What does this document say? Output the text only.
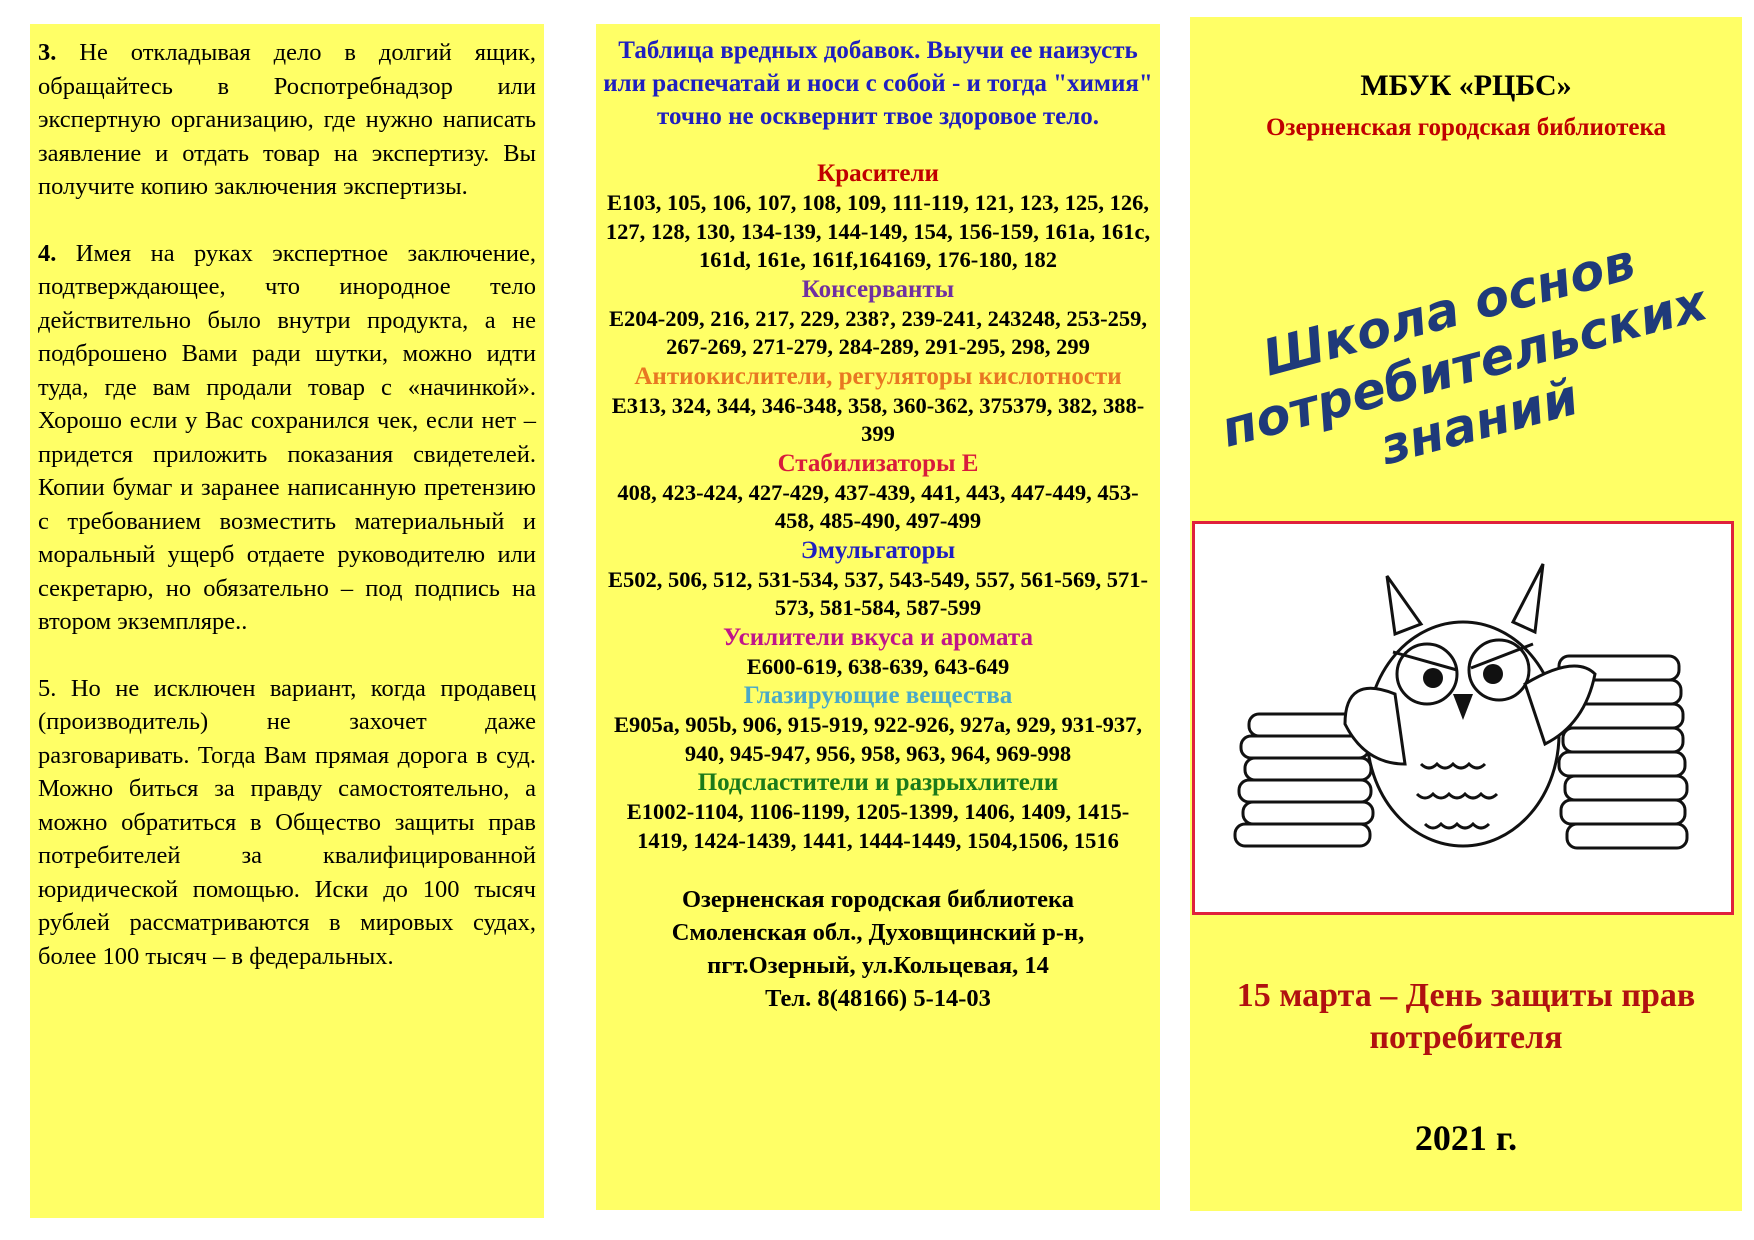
3. Не откладывая дело в долгий ящик, обращайтесь в Роспотребнадзор или экспертную организацию, где нужно написать заявление и отдать товар на экспертизу. Вы получите копию заключения экспертизы.

4. Имея на руках экспертное заключение, подтверждающее, что инородное тело действительно было внутри продукта, а не подброшено Вами ради шутки, можно идти туда, где вам продали товар с «начинкой». Хорошо если у Вас сохранился чек, если нет – придется приложить показания свидетелей. Копии бумаг и заранее написанную претензию с требованием возместить материальный и моральный ущерб отдаете руководителю или секретарю, но обязательно – под подпись на втором экземпляре..

5. Но не исключен вариант, когда продавец (производитель) не захочет даже разговаривать. Тогда Вам прямая дорога в суд. Можно биться за правду самостоятельно, а можно обратиться в Общество защиты прав потребителей за квалифицированной юридической помощью. Иски до 100 тысяч рублей рассматриваются в мировых судах, более 100 тысяч – в федеральных.

Таблица вредных добавок. Выучи ее наизусть или распечатай и носи с собой - и тогда "химия" точно не осквернит твое здоровое тело.
Красители
E103, 105, 106, 107, 108, 109, 111-119, 121, 123, 125, 126, 127, 128, 130, 134-139, 144-149, 154, 156-159, 161a, 161c, 161d, 161e, 161f,164169, 176-180, 182
Консерванты
E204-209, 216, 217, 229, 238?, 239-241, 243248, 253-259, 267-269, 271-279, 284-289, 291-295, 298, 299
Антиокислители, регуляторы кислотности
E313, 324, 344, 346-348, 358, 360-362, 375379, 382, 388-399
Стабилизаторы Е
408, 423-424, 427-429, 437-439, 441, 443, 447-449, 453-458, 485-490, 497-499
Эмульгаторы
E502, 506, 512, 531-534, 537, 543-549, 557, 561-569, 571-573, 581-584, 587-599
Усилители вкуса и аромата
E600-619, 638-639, 643-649
Глазирующие вещества
E905a, 905b, 906, 915-919, 922-926, 927a, 929, 931-937, 940, 945-947, 956, 958, 963, 964, 969-998
Подсластители и разрыхлители
E1002-1104, 1106-1199, 1205-1399, 1406, 1409, 1415-1419, 1424-1439, 1441, 1444-1449, 1504,1506, 1516
Озерненская городская библиотека
Смоленская обл., Духовщинский р-н,
пгт.Озерный, ул.Кольцевая, 14
Тел. 8(48166) 5-14-03
МБУК «РЦБС»
Озерненская городская библиотека
Школа основ потребительских знаний
15 марта – День защиты прав потребителя
2021 г.
